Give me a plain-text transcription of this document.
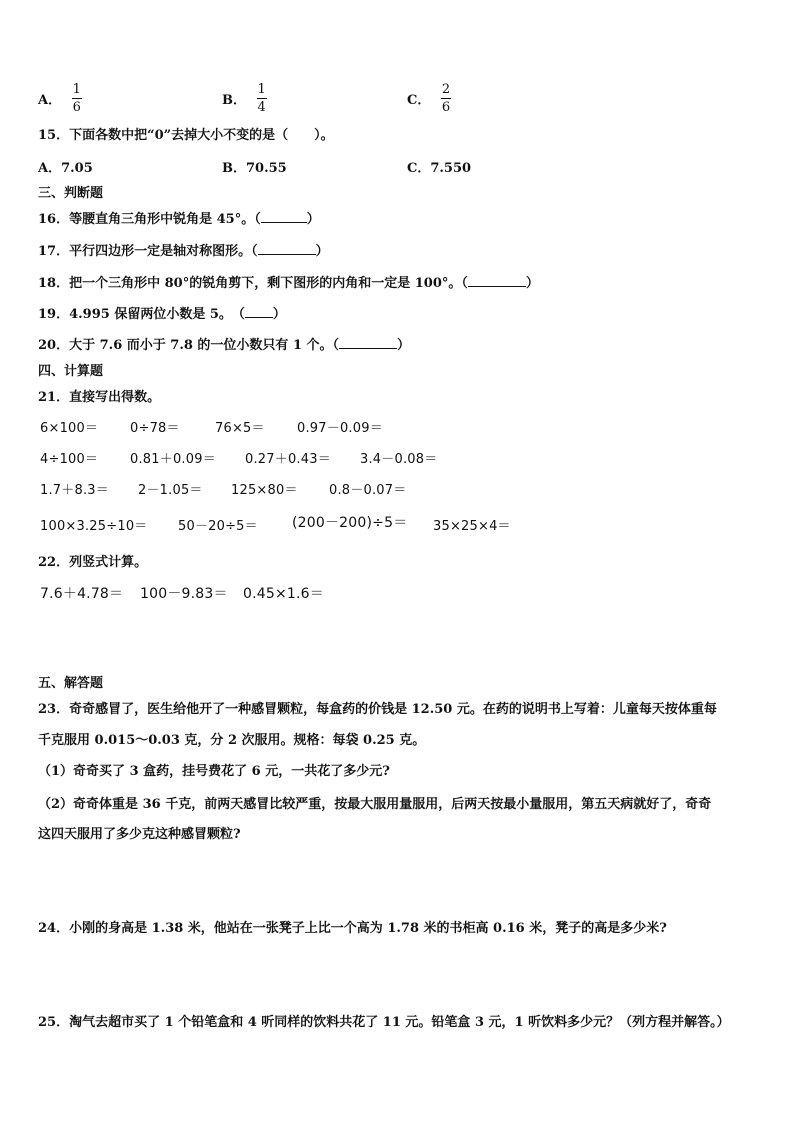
A． $\frac{1}{6}$	B． $\frac{1}{4}$	C． $\frac{2}{6}$
15．下面各数中把“0”去掉大小不变的是（　　）。
A．7.05	B．70.55	C．7.550
三、判断题
16．等腰直角三角形中锐角是 45°。（	）
17．平行四边形一定是轴对称图形。（	）
18．把一个三角形中 80°的锐角剪下，剩下图形的内角和一定是 100°。（	）
19．4.995 保留两位小数是 5。　（ ）
20．大于 7.6 而小于 7.8 的一位小数只有 1 个。（	）
四、计算题
21．直接写出得数。
6×100＝ 0÷78＝	76×5＝ 0.97－0.09＝
4÷100＝ 0.81＋0.09＝ 0.27＋0.43＝ 3.4－0.08＝
1.7＋8.3＝ 2－1.05＝ 125×80＝ 0.8－0.07＝
100×3.25÷10＝ 50－20÷5＝ (200－200)÷5＝ 35×25×4＝
22．列竖式计算。
7.6＋4.78＝ 100－9.83＝ 0.45×1.6＝
五、解答题
23．奇奇感冒了，医生给他开了一种感冒颗粒，每盒药的价钱是 12.50 元。在药的说明书上写着：儿童每天按体重每
千克服用 0.015～0.03 克，分 2 次服用。规格：每袋 0.25 克。
（1）奇奇买了 3 盒药，挂号费花了 6 元，一共花了多少元?
（2）奇奇体重是 36 千克，前两天感冒比较严重，按最大服用量服用，后两天按最小量服用，第五天病就好了，奇奇
这四天服用了多少克这种感冒颗粒?
24．小刚的身高是 1.38 米，他站在一张凳子上比一个高为 1.78 米的书柜高 0.16 米，凳子的高是多少米?
25．淘气去超市买了 1 个铅笔盒和 4 听同样的饮料共花了 11 元。铅笔盒 3 元，1 听饮料多少元？（列方程并解答。）
